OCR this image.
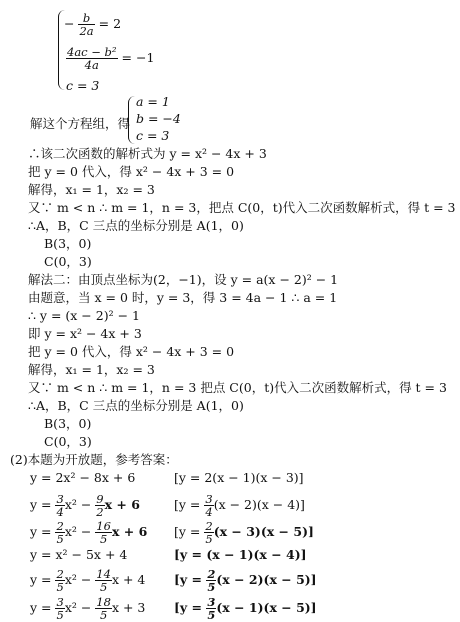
− $\frac{b}{2a} = 2$
$\frac{\text{4ac − b²}}{4a} = -1$
c = 3
解这个方程组，得
a = 1
b = −4
c = 3
∴该二次函数的解析式为 y = x² − 4x + 3
把 y = 0 代入，得 x² − 4x + 3 = 0
解得，x₁ = 1，x₂ = 3
又∵ m < n ∴ m = 1，n = 3，把点 C(0，t)代入二次函数解析式，得 t = 3
∴A，B，C 三点的坐标分别是 A(1，0)
B(3，0)
C(0，3)
解法二：由顶点坐标为(2，−1)，设 y = a(x − 2)² − 1
由题意，当 x = 0 时，y = 3，得 3 = 4a − 1 ∴ a = 1
∴ y = (x − 2)² − 1
即 y = x² − 4x + 3
把 y = 0 代入，得 x² − 4x + 3 = 0
解得，x₁ = 1，x₂ = 3
又∵ m < n ∴ m = 1，n = 3 把点 C(0，t)代入二次函数解析式，得 t = 3
∴A，B，C 三点的坐标分别是 A(1，0)
B(3，0)
C(0，3)
(2)本题为开放题，参考答案：
y = 2x² − 8x + 6	[y = 2(x − 1)(x − 3)]
$y = \frac{3}{4} x^2 - \frac{9}{2}$ x + 6	$[y = \frac{3}{4} (x - 2)(x - 4)]$
$y = \frac{2}{5} x^2 - \frac{16}{5}$ x + 6 $[y = \frac{2}{5} (x - 3)(x - 5)]$
y = x² − 5x + 4	[y = (x − 1)(x − 4)]
$y = \frac{2}{5} x^2 - \frac{14}{5}$ x + 4 $[y = \frac{2}{5} (x - 2)(x - 5)]$
$y = \frac{3}{5} x^2 - \frac{18}{5}$ x + 3 $[y = \frac{3}{5} (x - 1)(x - 5)]$
